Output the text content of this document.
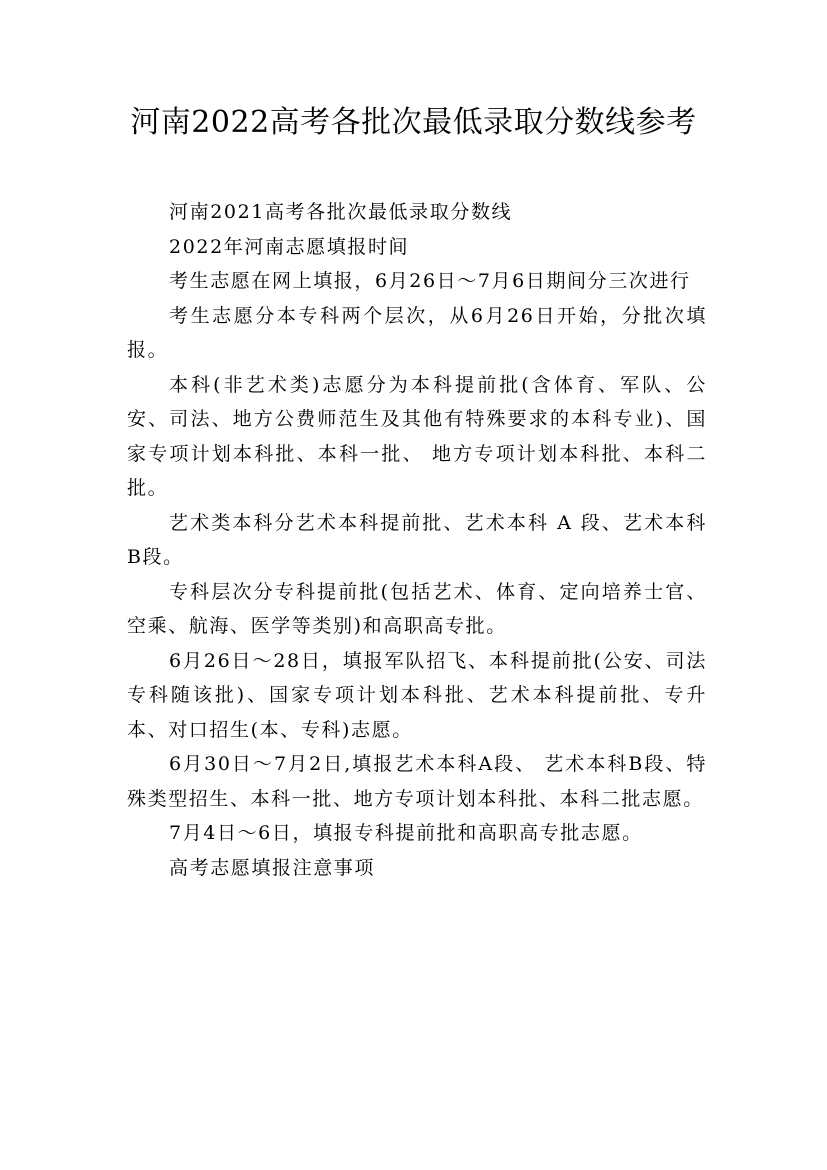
河南2022高考各批次最低录取分数线参考

河南2021高考各批次最低录取分数线

2022年河南志愿填报时间

考生志愿在网上填报，6月26日～7月6日期间分三次进行

考生志愿分本专科两个层次，从6月26日开始，分批次填报。

本科(非艺术类)志愿分为本科提前批(含体育、军队、公安、司法、地方公费师范生及其他有特殊要求的本科专业)、国家专项计划本科批、本科一批、 地方专项计划本科批、本科二批。

艺术类本科分艺术本科提前批、艺术本科 A 段、艺术本科B段。

专科层次分专科提前批(包括艺术、体育、定向培养士官、空乘、航海、医学等类别)和高职高专批。

6月26日～28日，填报军队招飞、本科提前批(公安、司法专科随该批)、国家专项计划本科批、艺术本科提前批、专升本、对口招生(本、专科)志愿。

6月30日～7月2日,填报艺术本科A段、 艺术本科B段、特殊类型招生、本科一批、地方专项计划本科批、本科二批志愿。

7月4日～6日，填报专科提前批和高职高专批志愿。

高考志愿填报注意事项
